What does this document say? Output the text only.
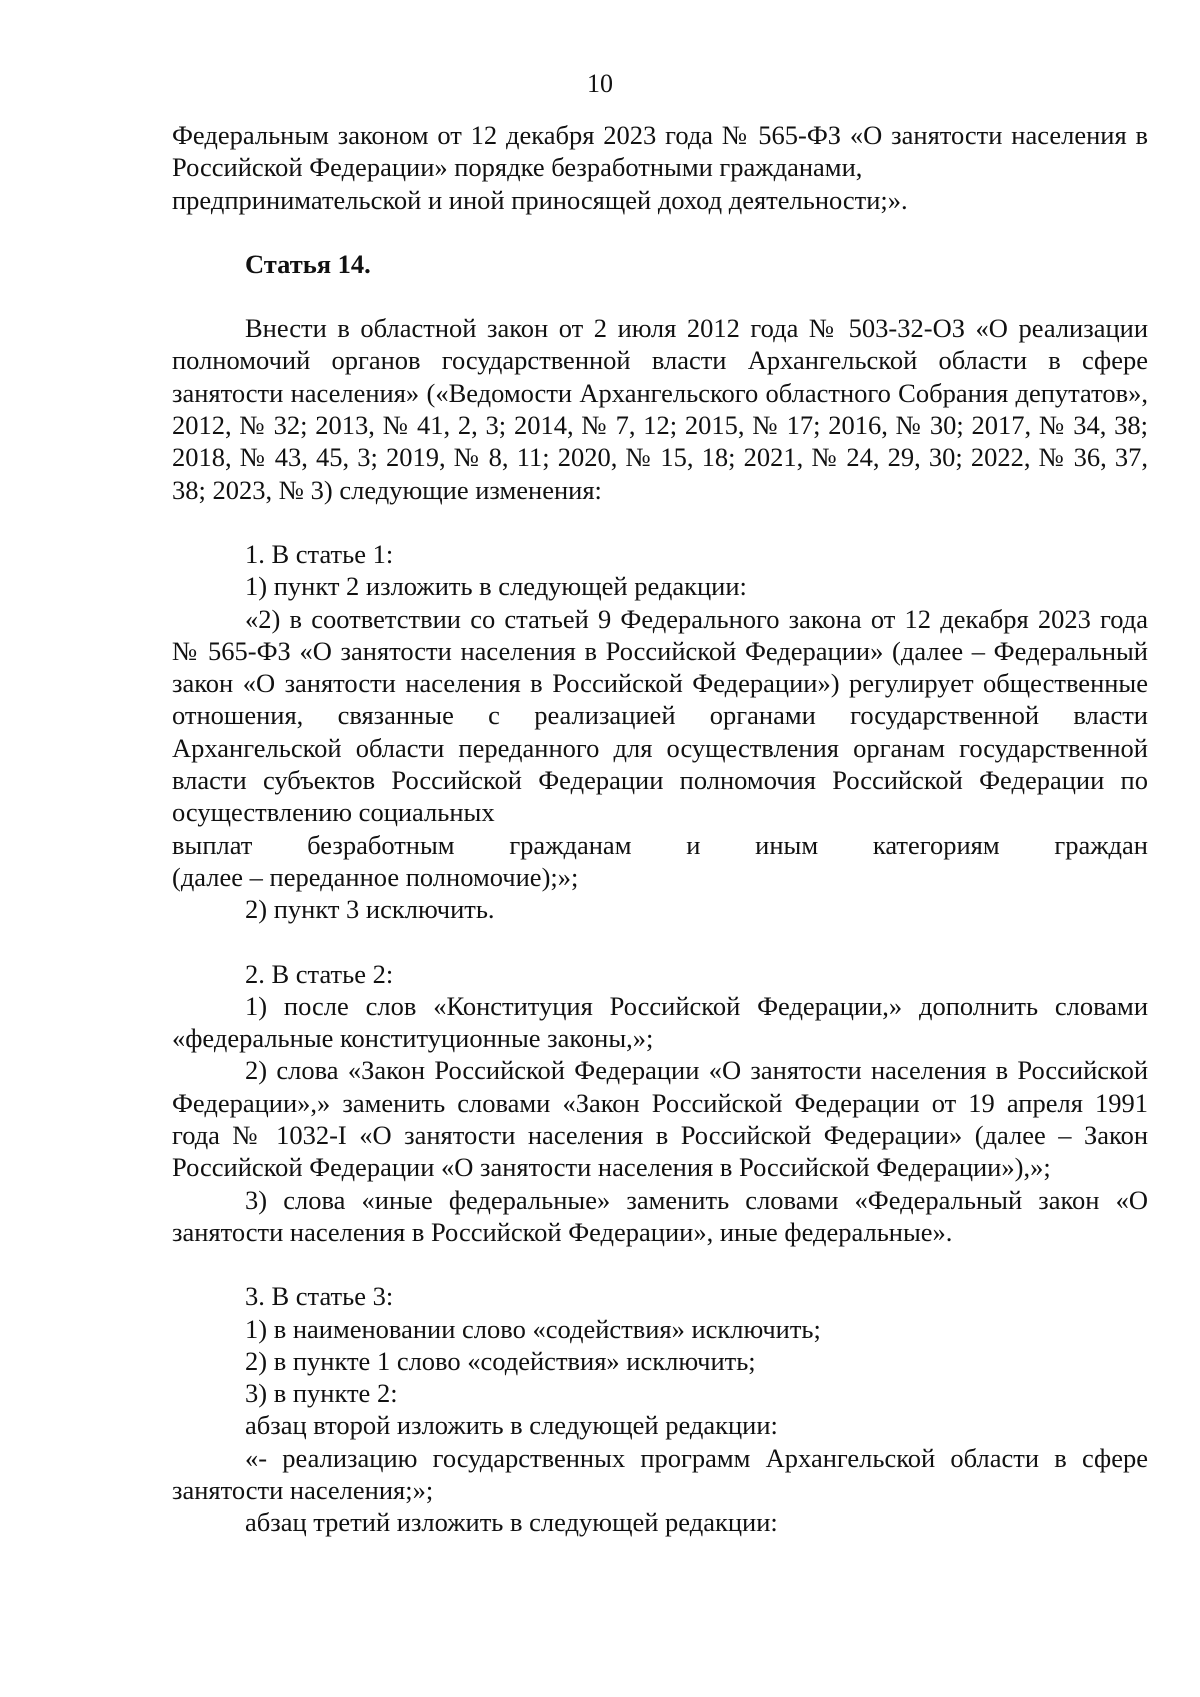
10

Федеральным законом от 12 декабря 2023 года № 565-ФЗ «О занятости населения в Российской Федерации» порядке безработными гражданами,

предпринимательской и иной приносящей доход деятельности;».

Статья 14.

Внести в областной закон от 2 июля 2012 года № 503-32-ОЗ «О реализации полномочий органов государственной власти Архангельской области в сфере занятости населения» («Ведомости Архангельского областного Собрания депутатов», 2012, № 32; 2013, № 41, 2, 3; 2014, № 7, 12; 2015, № 17; 2016, № 30; 2017, № 34, 38; 2018, № 43, 45, 3; 2019, № 8, 11; 2020, № 15, 18; 2021, № 24, 29, 30; 2022, № 36, 37, 38; 2023, № 3) следующие изменения:

1. В статье 1:

1) пункт 2 изложить в следующей редакции:

«2) в соответствии со статьей 9 Федерального закона от 12 декабря 2023 года № 565-ФЗ «О занятости населения в Российской Федерации» (далее – Федеральный закон «О занятости населения в Российской Федерации») регулирует общественные отношения, связанные с реализацией органами государственной власти Архангельской области переданного для осуществления органам государственной власти субъектов Российской Федерации полномочия Российской Федерации по осуществлению социальных

выплат безработным гражданам и иным категориям граждан

(далее – переданное полномочие);»;

2) пункт 3 исключить.

2. В статье 2:

1) после слов «Конституция Российской Федерации,» дополнить словами «федеральные конституционные законы,»;

2) слова «Закон Российской Федерации «О занятости населения в Российской Федерации»,» заменить словами «Закон Российской Федерации от 19 апреля 1991 года № 1032-I «О занятости населения в Российской Федерации» (далее – Закон Российской Федерации «О занятости населения в Российской Федерации»),»;

3) слова «иные федеральные» заменить словами «Федеральный закон «О занятости населения в Российской Федерации», иные федеральные».

3. В статье 3:

1) в наименовании слово «содействия» исключить;

2) в пункте 1 слово «содействия» исключить;

3) в пункте 2:

абзац второй изложить в следующей редакции:

«- реализацию государственных программ Архангельской области в сфере занятости населения;»;

абзац третий изложить в следующей редакции:
